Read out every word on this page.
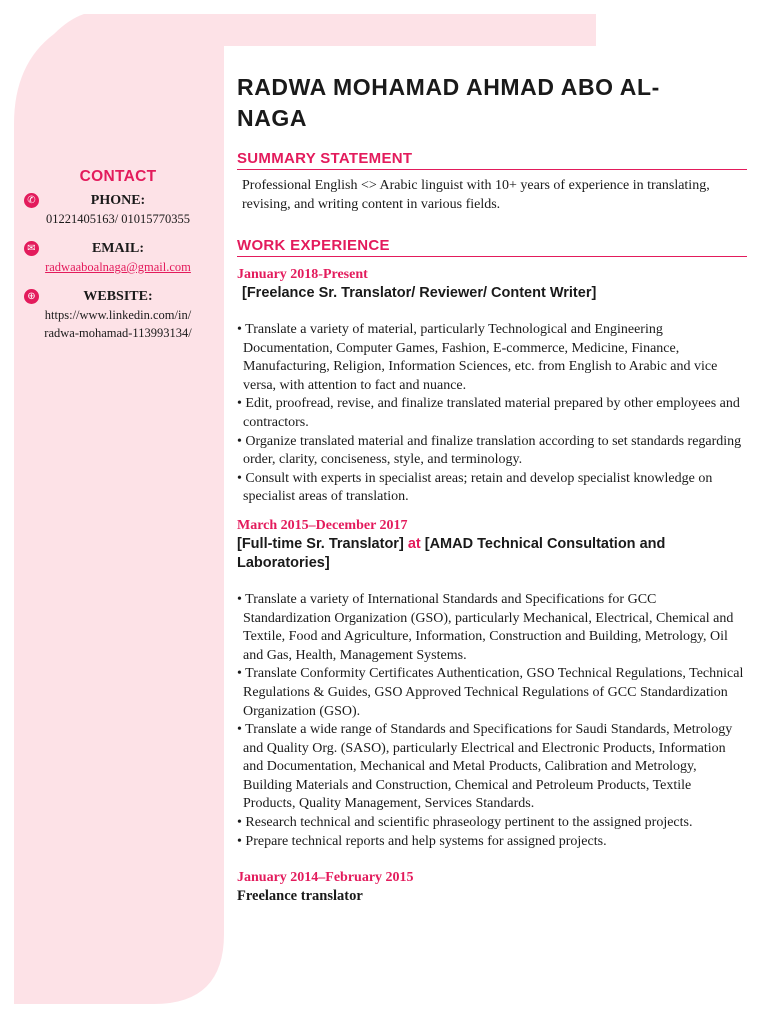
CONTACT
✆	PHONE:
01221405163/ 01015770355
✉	EMAIL:
radwaaboalnaga@gmail.com
⊕	WEBSITE:
https://www.linkedin.com/in/
radwa-mohamad-113993134/
RADWA MOHAMAD AHMAD ABO AL-NAGA
SUMMARY STATEMENT
Professional English <> Arabic linguist with 10+ years of experience in translating, revising, and writing content in various fields.
WORK EXPERIENCE
January 2018-Present
[Freelance Sr. Translator/ Reviewer/ Content Writer]
• Translate a variety of material, particularly Technological and Engineering Documentation, Computer Games, Fashion, E-commerce, Medicine, Finance, Manufacturing, Religion, Information Sciences, etc. from English to Arabic and vice versa, with attention to fact and nuance.
• Edit, proofread, revise, and finalize translated material prepared by other employees and contractors.
• Organize translated material and finalize translation according to set standards regarding order, clarity, conciseness, style, and terminology.
• Consult with experts in specialist areas; retain and develop specialist knowledge on specialist areas of translation.
March 2015–December 2017
[Full-time Sr. Translator] at [AMAD Technical Consultation and Laboratories]
• Translate a variety of International Standards and Specifications for GCC Standardization Organization (GSO), particularly Mechanical, Electrical, Chemical and Textile, Food and Agriculture, Information, Construction and Building, Metrology, Oil and Gas, Health, Management Systems.
• Translate Conformity Certificates Authentication, GSO Technical Regulations, Technical Regulations & Guides, GSO Approved Technical Regulations of GCC Standardization Organization (GSO).
• Translate a wide range of Standards and Specifications for Saudi Standards, Metrology and Quality Org. (SASO), particularly Electrical and Electronic Products, Information and Documentation, Mechanical and Metal Products, Calibration and Metrology, Building Materials and Construction, Chemical and Petroleum Products, Textile Products, Quality Management, Services Standards.
• Research technical and scientific phraseology pertinent to the assigned projects.
• Prepare technical reports and help systems for assigned projects.
January 2014–February 2015
Freelance translator
